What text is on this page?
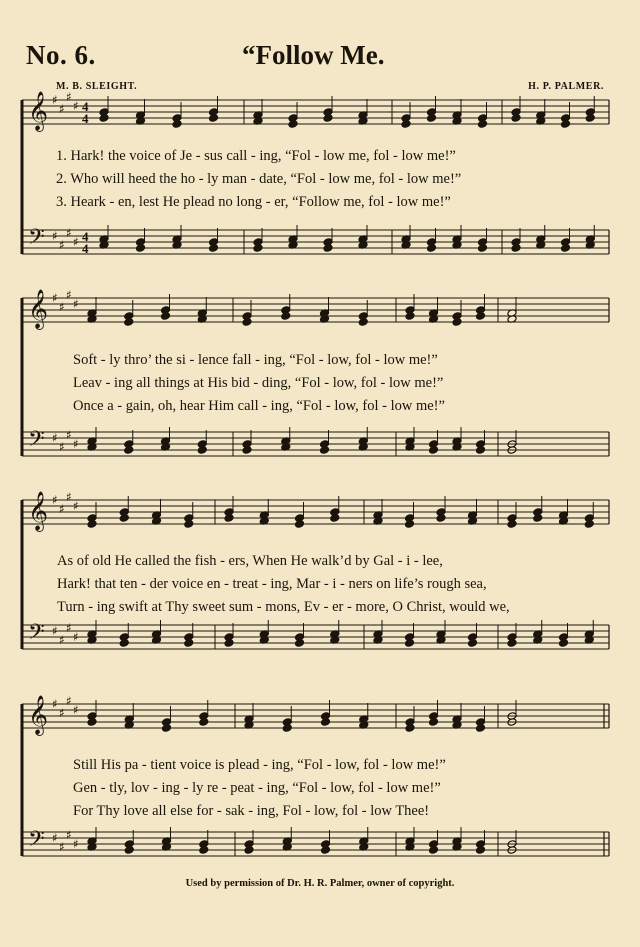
No. 6.	“Follow Me.
M. B. SLEIGHT.	H. P. PALMER.
𝄞
𝄢
♯
♯
♯
♯
♯
♯
♯
♯
4
4
4
4
𝄞
𝄢
♯
♯
♯
♯
♯
♯
♯
♯
𝄞
𝄢
♯
♯
♯
♯
♯
♯
♯
♯
𝄞
𝄢
♯
♯
♯
♯
♯
♯
♯
♯
1. Hark! the voice of Je - sus call - ing, “Fol - low me, fol - low me!”
2. Who will heed the ho - ly man - date, “Fol - low me, fol - low me!”
3. Heark - en, lest He plead no long - er, “Follow me, fol - low me!”
Soft - ly thro’ the si - lence fall - ing, “Fol - low, fol - low me!”
Leav - ing all things at His bid - ding, “Fol - low, fol - low me!”
Once a - gain, oh, hear Him call - ing, “Fol - low, fol - low me!”
As of old He called the fish - ers, When He walk’d by Gal - i - lee,
Hark! that ten - der voice en - treat - ing, Mar - i - ners on life’s rough sea,
Turn - ing swift at Thy sweet sum - mons, Ev - er - more, O Christ, would we,
Still His pa - tient voice is plead - ing, “Fol - low, fol - low me!”
Gen - tly, lov - ing - ly re - peat - ing, “Fol - low, fol - low me!”
For Thy love all else for - sak - ing, Fol - low, fol - low Thee!
Used by permission of Dr. H. R. Palmer, owner of copyright.
